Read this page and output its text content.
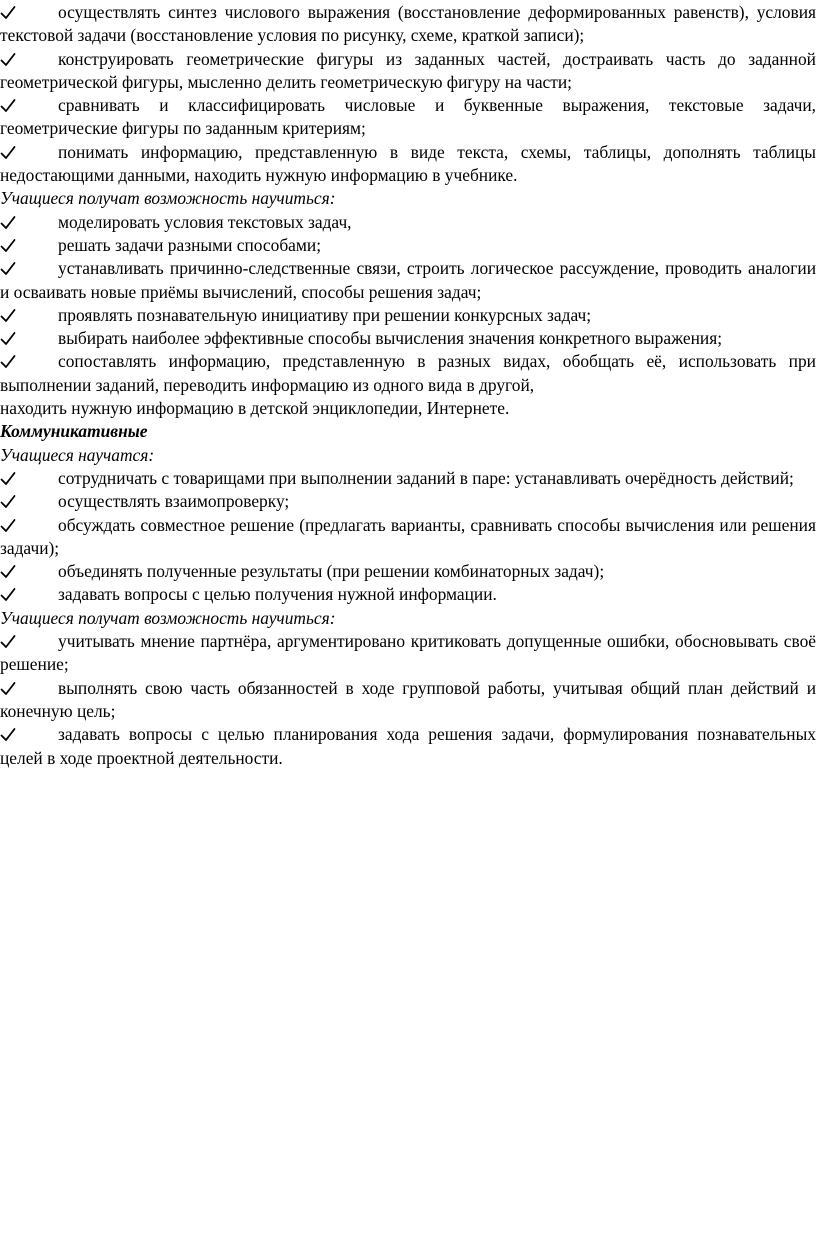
осуществлять синтез числового выражения (восстановление деформированных равенств), условия текстовой задачи (восстановление условия по рисунку, схеме, краткой записи);

конструировать геометрические фигуры из заданных частей, достраивать часть до заданной геометрической фигуры, мысленно делить геометрическую фигуру на части;

сравнивать и классифицировать числовые и буквенные выражения, текстовые задачи, геометрические фигуры по заданным критериям;

понимать информацию, представленную в виде текста, схемы, таблицы, дополнять таблицы недостающими данными, находить нужную информацию в учебнике.

Учащиеся получат возможность научиться:

моделировать условия текстовых задач,

решать задачи разными способами;

устанавливать причинно-следственные связи, строить логическое рассуждение, проводить аналогии и осваивать новые приёмы вычислений, способы решения задач;

проявлять познавательную инициативу при решении конкурсных задач;

выбирать наиболее эффективные способы вычисления значения конкретного выражения;

сопоставлять информацию, представленную в разных видах, обобщать её, использовать при выполнении заданий, переводить информацию из одного вида в другой,

находить нужную информацию в детской энциклопедии, Интернете.

Коммуникативные

Учащиеся научатся:

сотрудничать с товарищами при выполнении заданий в паре: устанавливать очерёдность действий;

осуществлять взаимопроверку;

обсуждать совместное решение (предлагать варианты, сравнивать способы вычисления или решения задачи);

объединять полученные результаты (при решении комбинаторных задач);

задавать вопросы с целью получения нужной информации.

Учащиеся получат возможность научиться:

учитывать мнение партнёра, аргументировано критиковать допущенные ошибки, обосновывать своё решение;

выполнять свою часть обязанностей в ходе групповой работы, учитывая общий план действий и конечную цель;

задавать вопросы с целью планирования хода решения задачи, формулирования познавательных целей в ходе проектной деятельности.
